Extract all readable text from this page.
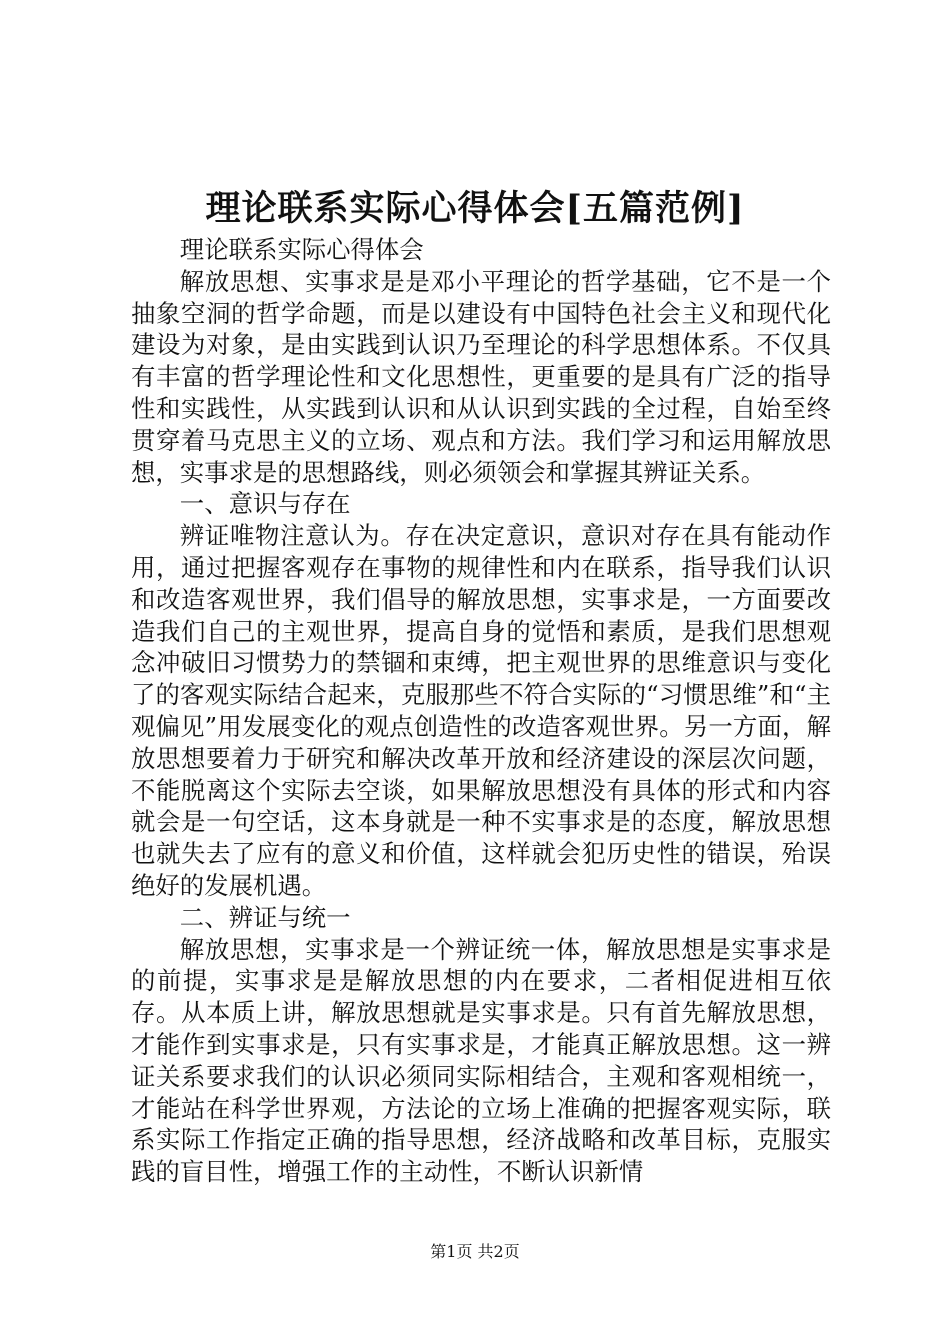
理论联系实际心得体会[五篇范例]

理论联系实际心得体会

解放思想、实事求是是邓小平理论的哲学基础，它不是一个抽象空洞的哲学命题，而是以建设有中国特色社会主义和现代化建设为对象，是由实践到认识乃至理论的科学思想体系。不仅具有丰富的哲学理论性和文化思想性，更重要的是具有广泛的指导性和实践性，从实践到认识和从认识到实践的全过程，自始至终贯穿着马克思主义的立场、观点和方法。我们学习和运用解放思想，实事求是的思想路线，则必须领会和掌握其辨证关系。

一、意识与存在

辨证唯物注意认为。存在决定意识，意识对存在具有能动作用，通过把握客观存在事物的规律性和内在联系，指导我们认识和改造客观世界，我们倡导的解放思想，实事求是，一方面要改造我们自己的主观世界，提高自身的觉悟和素质，是我们思想观念冲破旧习惯势力的禁锢和束缚，把主观世界的思维意识与变化了的客观实际结合起来，克服那些不符合实际的“习惯思维”和“主观偏见”用发展变化的观点创造性的改造客观世界。另一方面，解放思想要着力于研究和解决改革开放和经济建设的深层次问题，不能脱离这个实际去空谈，如果解放思想没有具体的形式和内容就会是一句空话，这本身就是一种不实事求是的态度，解放思想也就失去了应有的意义和价值，这样就会犯历史性的错误，殆误绝好的发展机遇。

二、辨证与统一

解放思想，实事求是一个辨证统一体，解放思想是实事求是的前提，实事求是是解放思想的内在要求，二者相促进相互依存。从本质上讲，解放思想就是实事求是。只有首先解放思想，才能作到实事求是，只有实事求是，才能真正解放思想。这一辨证关系要求我们的认识必须同实际相结合，主观和客观相统一，才能站在科学世界观，方法论的立场上准确的把握客观实际，联系实际工作指定正确的指导思想，经济战略和改革目标，克服实践的盲目性，增强工作的主动性，不断认识新情

第1页 共2页
